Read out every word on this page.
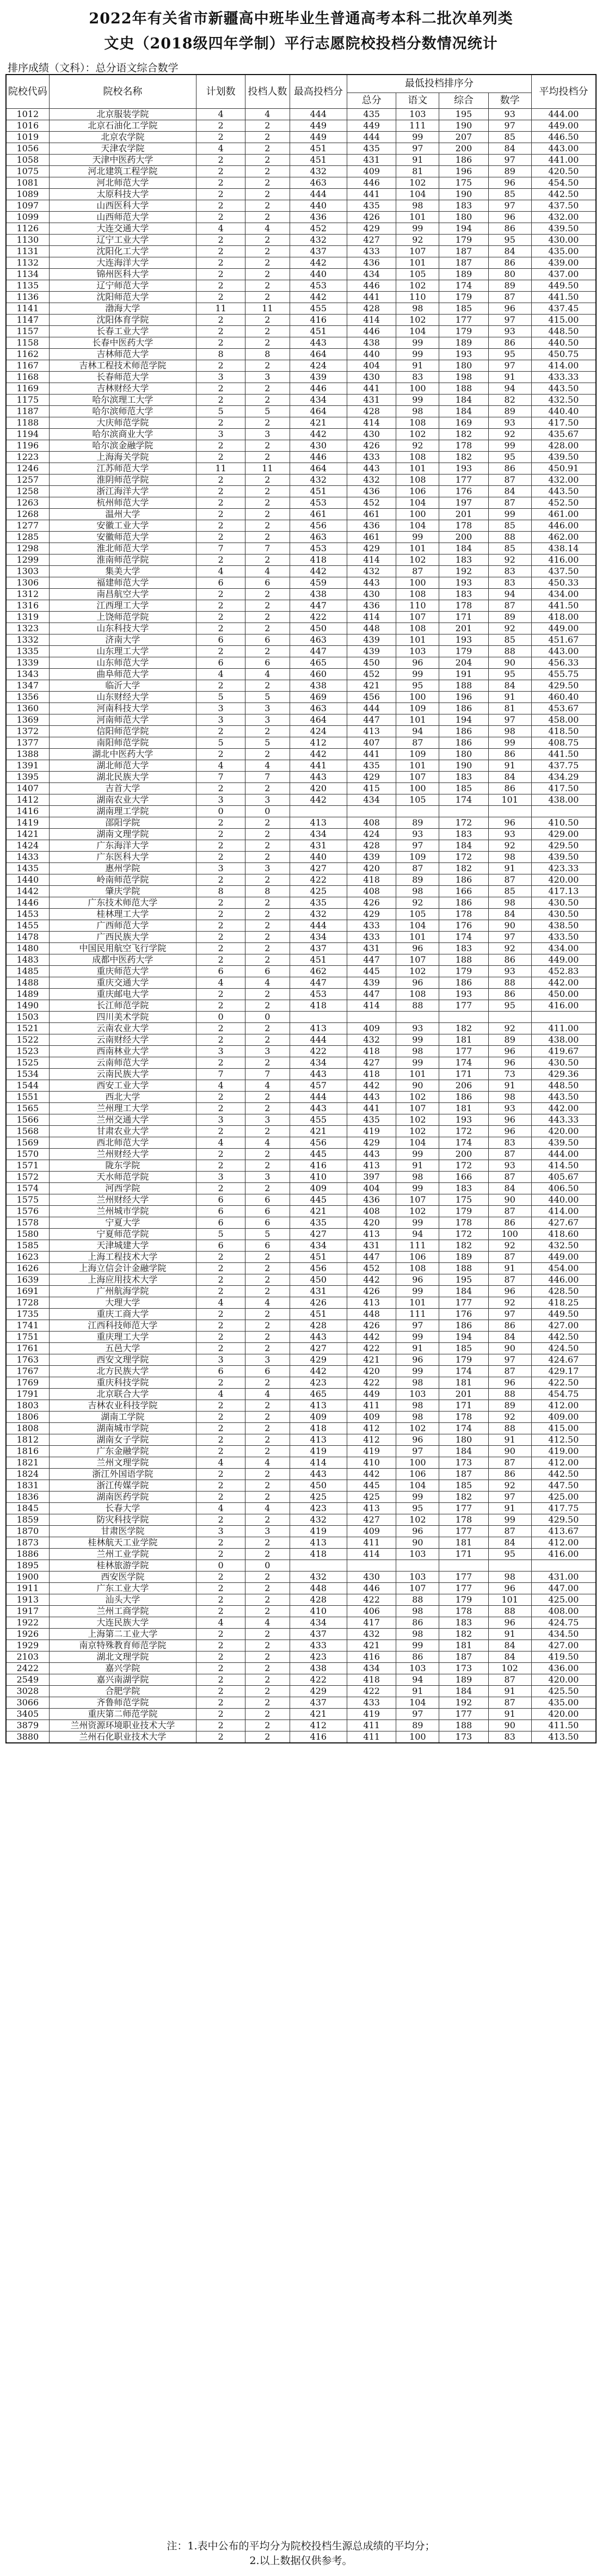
2022年有关省市新疆高中班毕业生普通高考本科二批次单列类
文史（2018级四年学制）平行志愿院校投档分数情况统计
排序成绩（文科）：总分语文综合数学
院校代码	院校名称	计划数	投档人数	最高投档分	最低投档排序分				平均投档分
					总分	语文	综合	数学	
1012	北京服装学院	4	4	444	435	103	195	93	444.00
1016	北京石油化工学院	2	2	449	449	111	190	97	449.00
1019	北京农学院	2	2	449	444	99	207	85	446.50
1056	天津农学院	4	2	451	435	97	200	84	443.00
1058	天津中医药大学	2	2	451	431	91	186	97	441.00
1075	河北建筑工程学院	2	2	432	409	81	196	89	420.50
1081	河北师范大学	2	2	463	446	102	175	96	454.50
1089	太原科技大学	2	2	444	441	104	190	85	442.50
1097	山西医科大学	2	2	440	435	98	183	97	437.50
1099	山西师范大学	2	2	436	426	101	180	96	432.00
1126	大连交通大学	4	4	452	429	99	194	86	439.50
1130	辽宁工业大学	2	2	432	427	92	179	95	430.00
1131	沈阳化工大学	2	2	437	433	107	187	84	435.00
1132	大连海洋大学	2	2	442	436	101	187	86	439.00
1134	锦州医科大学	2	2	440	434	105	189	80	437.00
1135	辽宁师范大学	2	2	453	446	102	174	89	449.50
1136	沈阳师范大学	2	2	442	441	110	179	87	441.50
1141	渤海大学	11	11	455	428	98	185	96	437.45
1147	沈阳体育学院	2	2	416	414	102	177	97	415.00
1157	长春工业大学	2	2	451	446	104	179	93	448.50
1158	长春中医药大学	2	2	443	438	99	189	86	440.50
1162	吉林师范大学	8	8	464	440	99	193	95	450.75
1167	吉林工程技术师范学院	2	2	424	404	91	180	97	414.00
1168	长春师范大学	3	3	439	430	83	198	91	433.33
1169	吉林财经大学	2	2	446	441	100	188	94	443.50
1175	哈尔滨理工大学	2	2	434	431	99	184	82	432.50
1187	哈尔滨师范大学	5	5	464	428	98	184	89	440.40
1188	大庆师范学院	2	2	421	414	108	169	93	417.50
1194	哈尔滨商业大学	3	3	442	430	102	182	92	435.67
1196	哈尔滨金融学院	2	2	430	426	92	178	99	428.00
1223	上海海关学院	2	2	446	433	108	182	95	439.50
1246	江苏师范大学	11	11	464	443	101	193	86	450.91
1257	淮阴师范学院	2	2	432	432	108	177	87	432.00
1258	浙江海洋大学	2	2	451	436	106	176	84	443.50
1263	杭州师范大学	2	2	453	452	104	197	87	452.50
1268	温州大学	2	2	461	461	100	201	99	461.00
1277	安徽工业大学	2	2	456	436	104	178	85	446.00
1285	安徽师范大学	2	2	463	461	99	200	88	462.00
1298	淮北师范大学	7	7	453	429	101	184	85	438.14
1299	淮南师范学院	2	2	418	414	102	183	92	416.00
1303	集美大学	4	4	442	432	87	192	83	437.50
1306	福建师范大学	6	6	459	443	100	193	83	450.33
1312	南昌航空大学	2	2	438	430	108	183	94	434.00
1316	江西理工大学	2	2	447	436	110	178	87	441.50
1319	上饶师范学院	2	2	422	414	107	171	89	418.00
1323	山东科技大学	2	2	450	448	108	201	92	449.00
1332	济南大学	6	6	463	439	101	193	85	451.67
1335	山东理工大学	2	2	447	439	103	179	88	443.00
1339	山东师范大学	6	6	465	450	96	204	90	456.33
1343	曲阜师范大学	4	4	460	452	99	191	95	455.75
1347	临沂大学	2	2	438	421	95	188	84	429.50
1356	山东财经大学	5	5	469	456	100	196	91	460.40
1360	河南科技大学	3	3	463	444	109	186	81	453.67
1369	河南师范大学	3	3	464	447	101	194	97	458.00
1372	信阳师范学院	2	2	424	413	94	186	98	418.50
1377	南阳师范学院	5	5	412	407	87	186	99	408.75
1388	湖北中医药大学	2	2	442	441	109	180	86	441.50
1391	湖北师范大学	4	4	441	435	101	190	91	437.75
1395	湖北民族大学	7	7	443	429	107	183	84	434.29
1407	吉首大学	2	2	420	415	100	185	86	417.50
1412	湖南农业大学	3	3	442	434	105	174	101	438.00
1416	湖南理工学院	0	0						
1419	邵阳学院	2	2	413	408	89	172	96	410.50
1421	湖南文理学院	2	2	434	424	93	183	93	429.00
1424	广东海洋大学	2	2	431	428	97	184	92	429.50
1433	广东医科大学	2	2	440	439	109	172	98	439.50
1435	惠州学院	3	3	427	420	87	182	91	423.33
1440	岭南师范学院	2	2	422	418	89	186	87	420.00
1442	肇庆学院	8	8	425	408	98	166	85	417.13
1446	广东技术师范大学	2	2	435	426	92	186	98	430.50
1453	桂林理工大学	2	2	432	429	105	178	84	430.50
1455	广西师范大学	2	2	444	433	104	176	90	438.50
1478	广西民族大学	2	2	434	433	101	174	97	433.50
1480	中国民用航空飞行学院	2	2	437	431	96	183	92	434.00
1483	成都中医药大学	2	2	451	447	107	188	86	449.00
1485	重庆师范大学	6	6	462	445	102	179	93	452.83
1488	重庆交通大学	4	4	447	439	96	186	88	442.00
1489	重庆邮电大学	2	2	453	447	108	193	86	450.00
1490	长江师范学院	2	2	418	414	88	177	95	416.00
1503	四川美术学院	0	0						
1521	云南农业大学	2	2	413	409	93	182	92	411.00
1522	云南财经大学	2	2	444	432	99	181	89	438.00
1523	西南林业大学	3	3	422	418	98	177	96	419.67
1525	云南师范大学	2	2	434	427	99	174	96	430.50
1534	云南民族大学	7	7	443	418	101	171	73	429.36
1544	西安工业大学	4	4	457	442	90	206	91	448.50
1551	西北大学	2	2	444	443	102	186	98	443.50
1565	兰州理工大学	2	2	443	441	107	181	93	442.00
1566	兰州交通大学	3	3	455	435	102	193	96	443.33
1568	甘肃农业大学	2	2	421	419	102	172	96	420.00
1569	西北师范大学	4	4	456	429	104	174	83	439.50
1570	兰州财经大学	2	2	445	443	99	200	87	444.00
1571	陇东学院	2	2	416	413	91	172	93	414.50
1572	天水师范学院	3	3	410	397	98	166	87	405.67
1574	河西学院	2	2	409	404	99	183	84	406.50
1575	兰州财经大学	6	6	445	436	107	175	90	440.00
1576	兰州城市学院	6	6	421	408	102	179	87	414.00
1578	宁夏大学	6	6	435	420	99	178	86	427.67
1580	宁夏师范学院	5	5	427	413	94	172	100	418.60
1585	天津城建大学	6	6	434	431	111	182	92	432.50
1623	上海工程技术大学	2	2	451	447	106	189	87	449.00
1626	上海立信会计金融学院	2	2	456	452	108	188	91	454.00
1639	上海应用技术大学	2	2	450	442	96	195	87	446.00
1691	广州航海学院	2	2	431	426	99	184	96	428.50
1728	大理大学	4	4	426	413	101	177	92	418.25
1735	重庆工商大学	2	2	451	448	111	176	97	449.50
1741	江西科技师范大学	2	2	428	426	97	186	86	427.00
1751	重庆理工大学	2	2	443	442	99	194	84	442.50
1761	五邑大学	2	2	427	422	91	185	90	424.50
1763	西安文理学院	3	3	429	421	96	179	97	424.67
1767	北方民族大学	6	6	442	420	99	174	87	429.17
1769	重庆科技学院	2	2	423	422	98	181	96	422.50
1791	北京联合大学	4	4	465	449	103	201	88	454.75
1803	吉林农业科技学院	2	2	413	411	98	171	89	412.00
1806	湖南工学院	2	2	409	409	98	178	92	409.00
1808	湖南城市学院	2	2	418	412	102	174	88	415.00
1812	湖南女子学院	2	2	413	412	96	180	91	412.50
1816	广东金融学院	2	2	419	419	97	184	90	419.00
1821	兰州文理学院	4	4	414	410	100	173	87	412.00
1824	浙江外国语学院	2	2	443	442	106	187	86	442.50
1831	浙江传媒学院	2	2	450	445	104	185	92	447.50
1836	湖南医药学院	2	2	425	425	99	182	97	425.00
1845	长春大学	4	4	423	413	95	177	91	417.75
1859	防灾科技学院	2	2	432	427	102	178	99	429.50
1870	甘肃医学院	3	3	419	409	96	177	87	413.67
1873	桂林航天工业学院	2	2	413	411	90	181	84	412.00
1886	兰州工业学院	2	2	418	414	103	171	95	416.00
1895	桂林旅游学院	0	0						
1900	西安医学院	2	2	432	430	103	177	98	431.00
1911	广东工业大学	2	2	448	446	107	177	96	447.00
1913	汕头大学	2	2	428	422	88	179	101	425.00
1917	兰州工商学院	2	2	410	406	98	178	88	408.00
1922	大连民族大学	4	4	434	417	86	183	96	424.75
1926	上海第二工业大学	2	2	437	432	98	182	91	434.50
1929	南京特殊教育师范学院	2	2	433	421	99	181	84	427.00
2103	湖北文理学院	2	2	423	416	86	187	84	419.50
2422	嘉兴学院	2	2	438	434	103	173	102	436.00
2549	嘉兴南湖学院	2	2	422	418	94	189	87	420.00
3028	合肥学院	2	2	429	422	91	184	91	425.50
3066	齐鲁师范学院	2	2	437	433	104	192	87	435.00
3405	重庆第二师范学院	2	2	421	419	97	177	91	420.00
3879	兰州资源环境职业技术大学	2	2	412	411	89	188	90	411.50
3880	兰州石化职业技术大学	2	2	416	411	100	173	83	413.50
注：1.表中公布的平均分为院校投档生源总成绩的平均分；
2.以上数据仅供参考。
